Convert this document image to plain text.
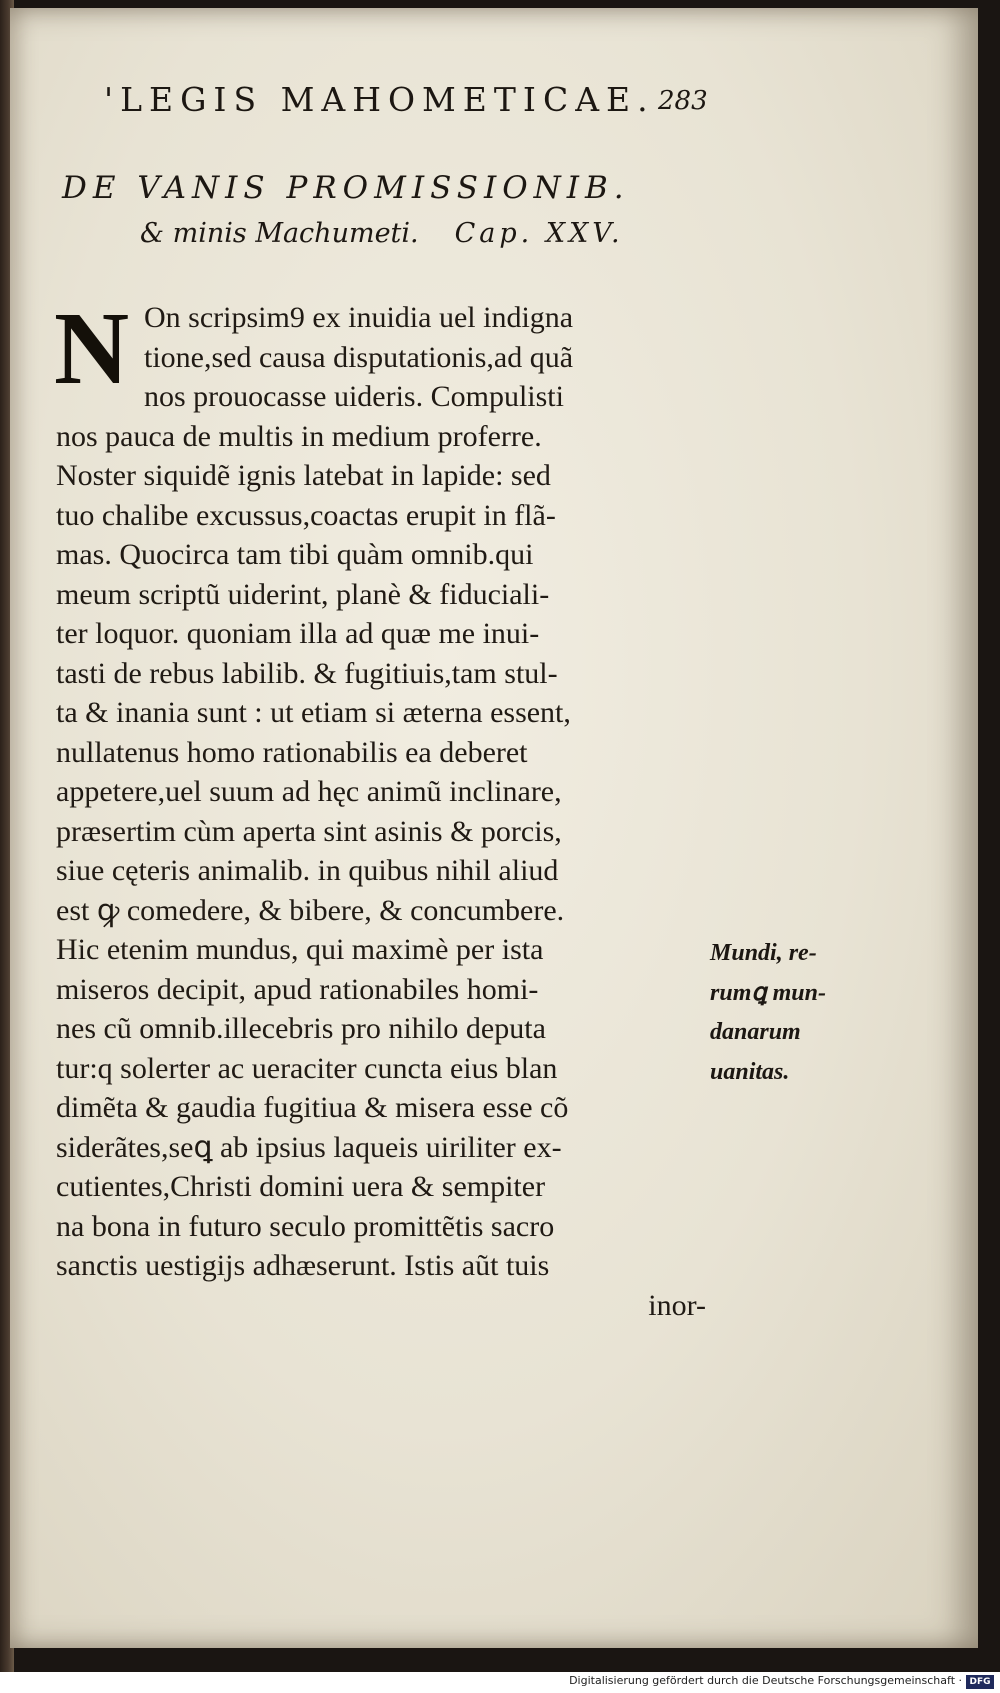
'LEGIS MAHOMETICAE. 283
DE VANIS PROMISSIONIB.
& minis Machumeti. Cap. XXV.
N On scripsim9 ex inuidia uel indigna
tione,sed causa disputationis,ad quã
nos prouocasse uideris. Compulisti
nos pauca de multis in medium proferre.
Noster siquidẽ ignis latebat in lapide: sed
tuo chalibe excussus,coactas erupit in flã-
mas. Quocirca tam tibi quàm omnib.qui
meum scriptũ uiderint, planè & fiduciali-
ter loquor. quoniam illa ad quæ me inui-
tasti de rebus labilib. & fugitiuis,tam stul-
ta & inania sunt : ut etiam si æterna essent,
nullatenus homo rationabilis ea deberet
appetere,uel suum ad hęc animũ inclinare,
præsertim cùm aperta sint asinis & porcis,
siue cęteris animalib. in quibus nihil aliud
est ꝙ comedere, & bibere, & concumbere.
Hic etenim mundus, qui maximè per ista
miseros decipit, apud rationabiles homi-
nes cũ omnib.illecebris pro nihilo deputa
tur:q solerter ac ueraciter cuncta eius blan
dimẽta & gaudia fugitiua & misera esse cõ
siderãtes,seꝗ ab ipsius laqueis uiriliter ex-
cutientes,Christi domini uera & sempiter
na bona in futuro seculo promittẽtis sacro
sanctis uestigijs adhæserunt. Istis aũt tuis
inor-
Mundi, re-
rumꝗ mun-
danarum
uanitas.
Digitalisierung gefördert durch die Deutsche Forschungsgemeinschaft · DFG
